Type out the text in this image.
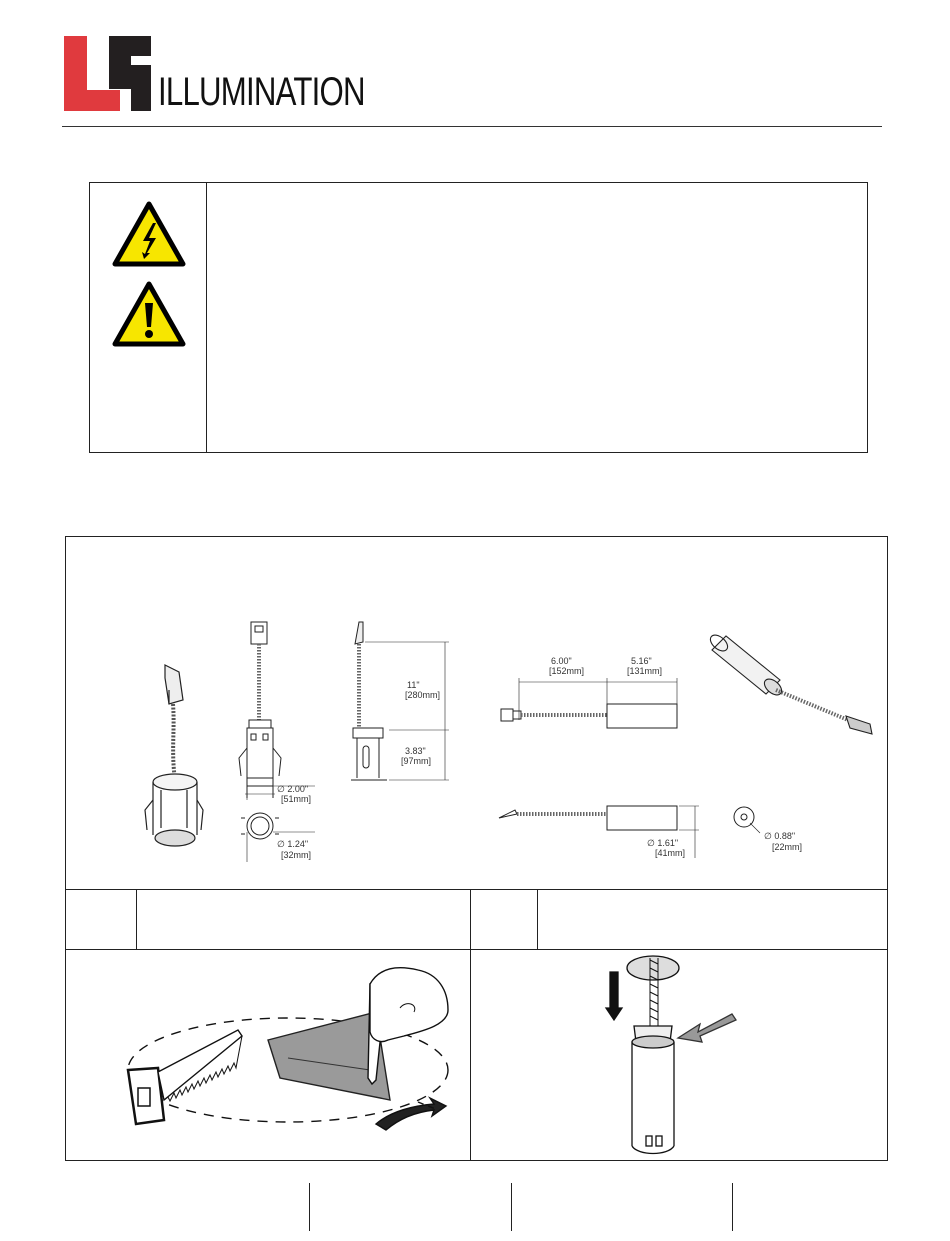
ILLUMINATION
∅ 2.00"
[51mm]
∅ 1.24"
[32mm]
11"
[280mm]
3.83"
[97mm]
6.00"
[152mm]
5.16"
[131mm]
∅ 1.61"
[41mm]
∅ 0.88"
[22mm]
